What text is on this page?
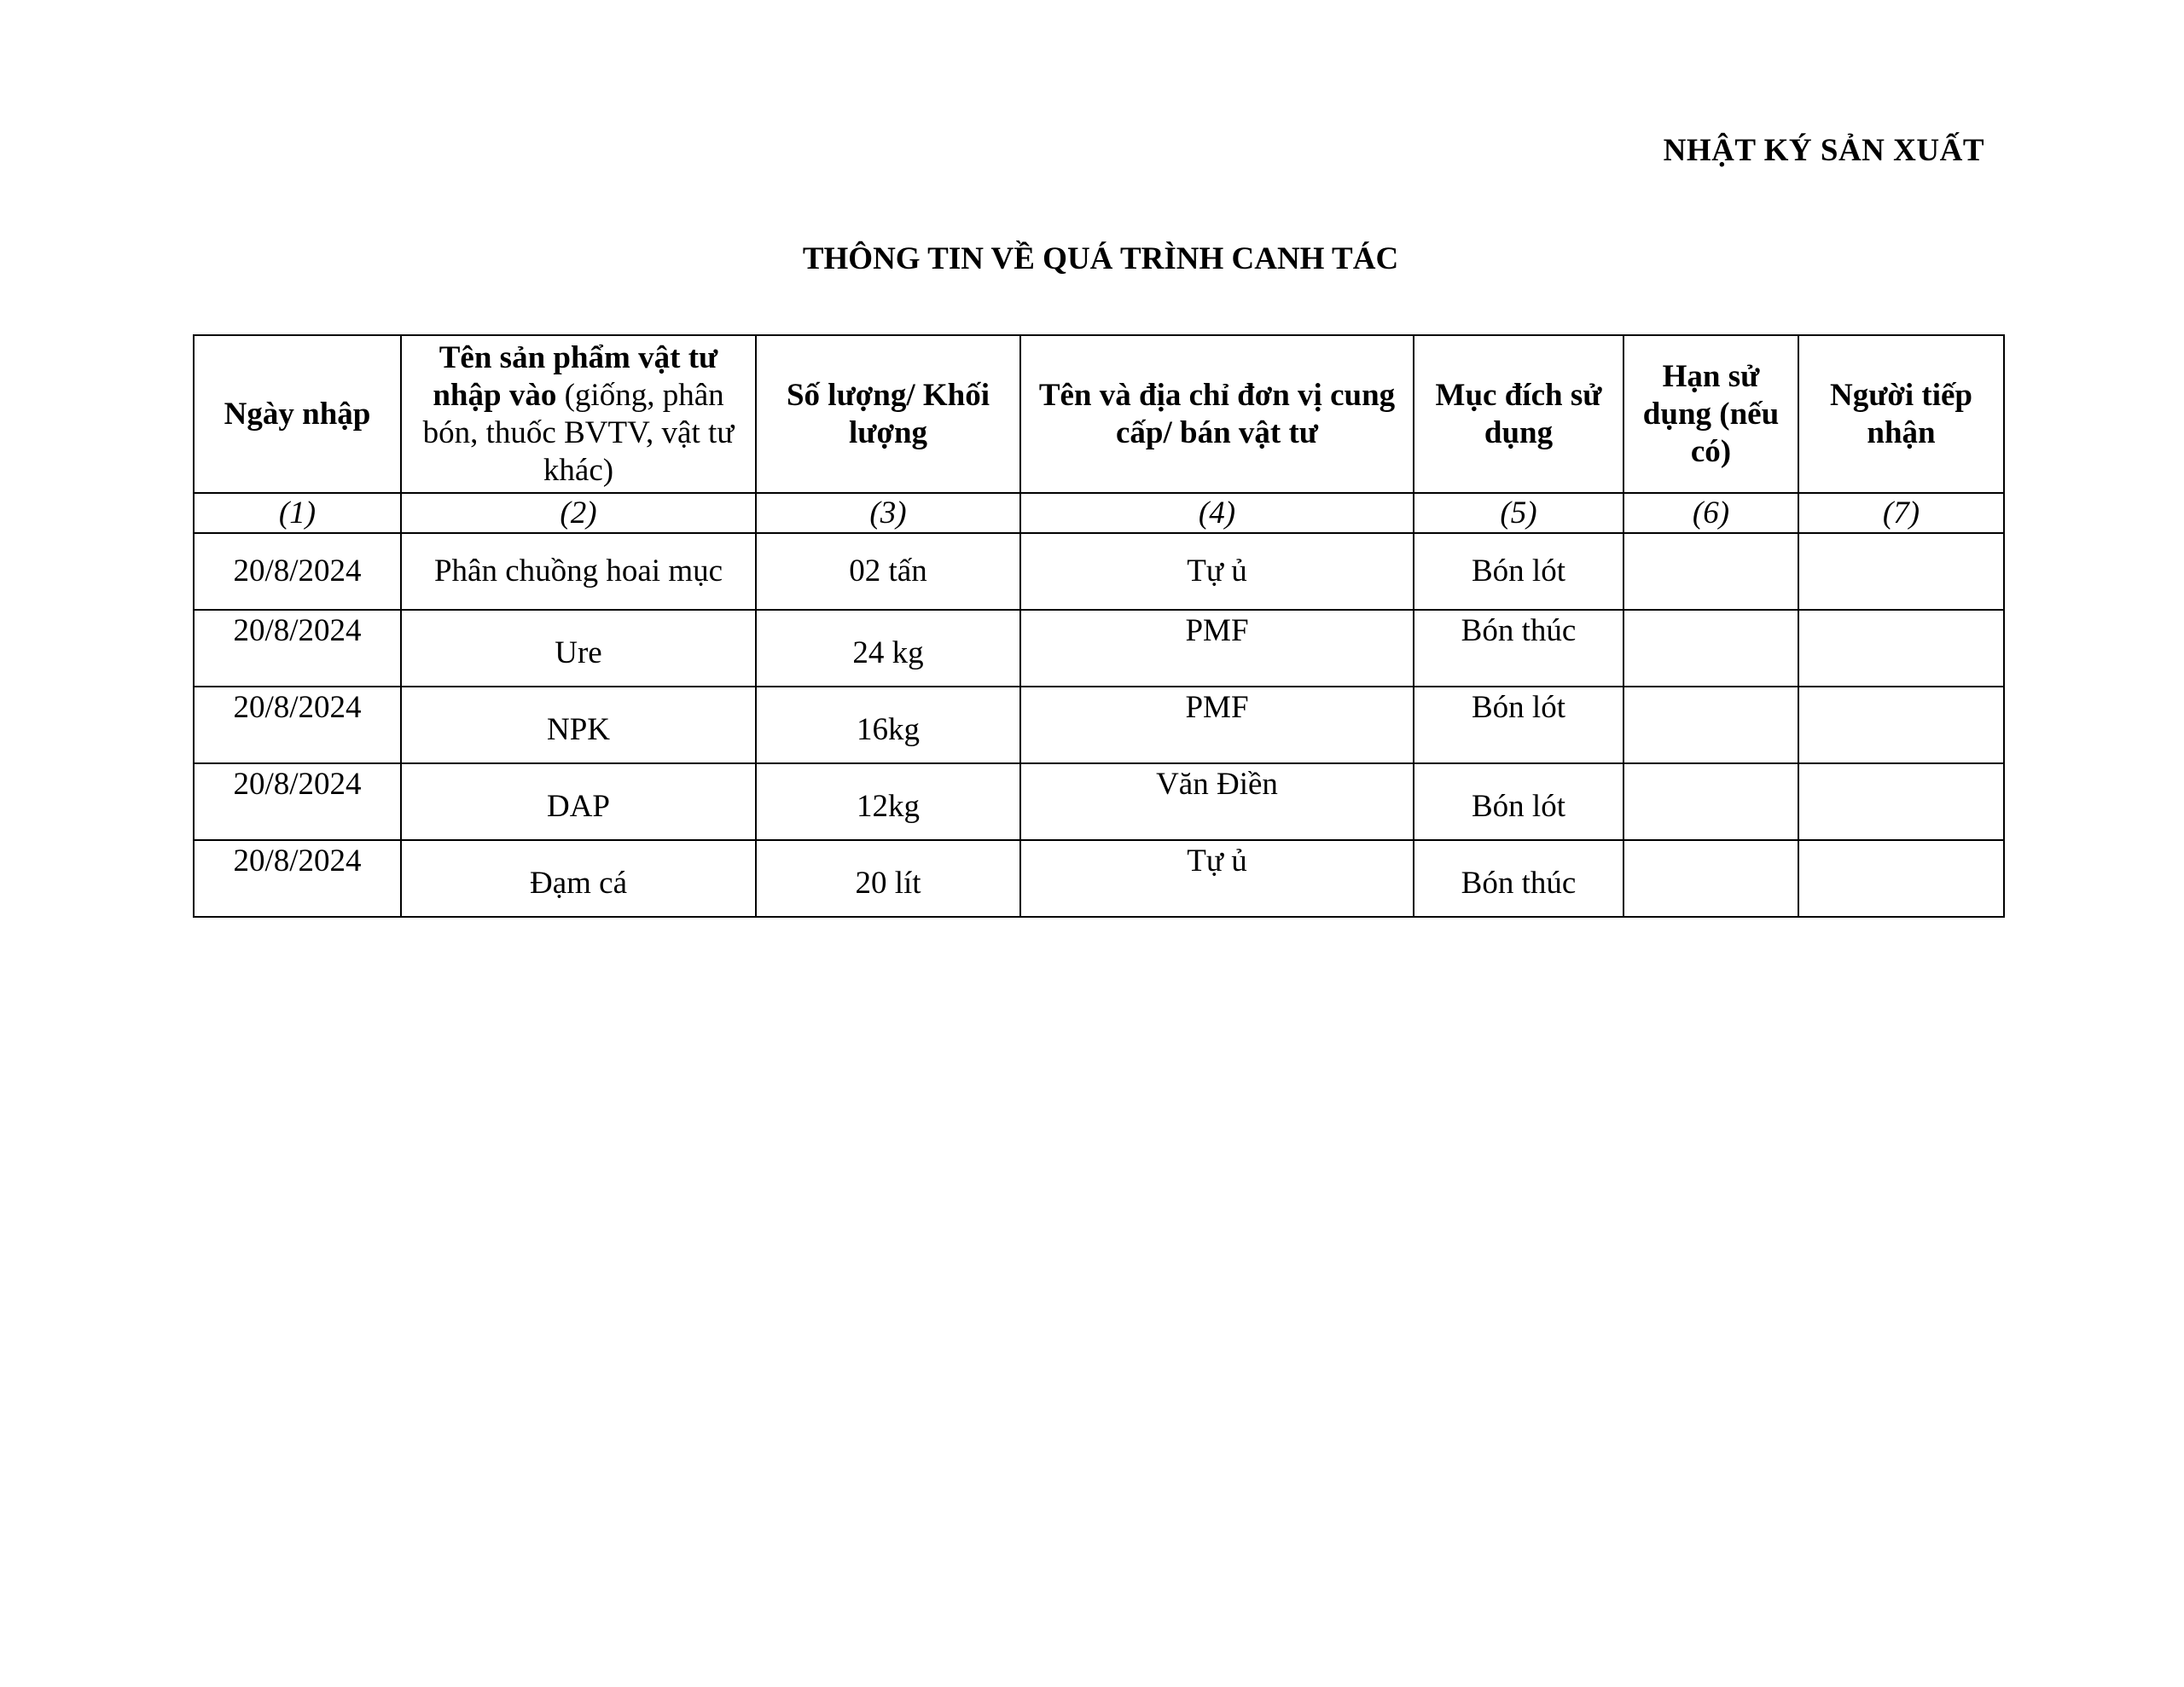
NHẬT KÝ SẢN XUẤT
THÔNG TIN VỀ QUÁ TRÌNH CANH TÁC
Ngày nhập	Tên sản phẩm vật tư nhập vào (giống, phân bón, thuốc BVTV, vật tư khác)	Số lượng/ Khối lượng	Tên và địa chỉ đơn vị cung cấp/ bán vật tư	Mục đích sử dụng	Hạn sử dụng (nếu có)	Người tiếp nhận
(1)	(2)	(3)	(4)	(5)	(6)	(7)
20/8/2024	Phân chuồng hoai mục	02 tấn	Tự ủ	Bón lót		
20/8/2024	Ure	24 kg	PMF	Bón thúc		
20/8/2024	NPK	16kg	PMF	Bón lót		
20/8/2024	DAP	12kg	Văn Điền	Bón lót		
20/8/2024	Đạm cá	20 lít	Tự ủ	Bón thúc		
